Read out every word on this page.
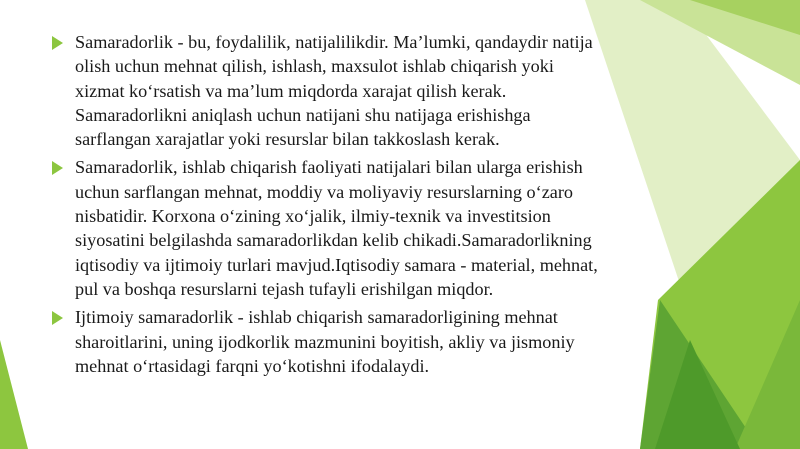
Samaradorlik - bu, foydalilik, natijalilikdir. Ma’lumki, qandaydir natija
olish uchun mehnat qilish, ishlash, maxsulot ishlab chiqarish yoki
xizmat ko‘rsatish va ma’lum miqdorda xarajat qilish kerak.
Samaradorlikni aniqlash uchun natijani shu natijaga erishishga
sarflangan xarajatlar yoki resurslar bilan takkoslash kerak.
Samaradorlik, ishlab chiqarish faoliyati natijalari bilan ularga erishish
uchun sarflangan mehnat, moddiy va moliyaviy resurslarning o‘zaro
nisbatidir. Korxona o‘zining xo‘jalik, ilmiy-texnik va investitsion
siyosatini belgilashda samaradorlikdan kelib chikadi.Samaradorlikning
iqtisodiy va ijtimoiy turlari mavjud.Iqtisodiy samara - material, mehnat,
pul va boshqa resurslarni tejash tufayli erishilgan miqdor.
Ijtimoiy samaradorlik - ishlab chiqarish samaradorligining mehnat
sharoitlarini, uning ijodkorlik mazmunini boyitish, akliy va jismoniy
mehnat o‘rtasidagi farqni yo‘kotishni ifodalaydi.
